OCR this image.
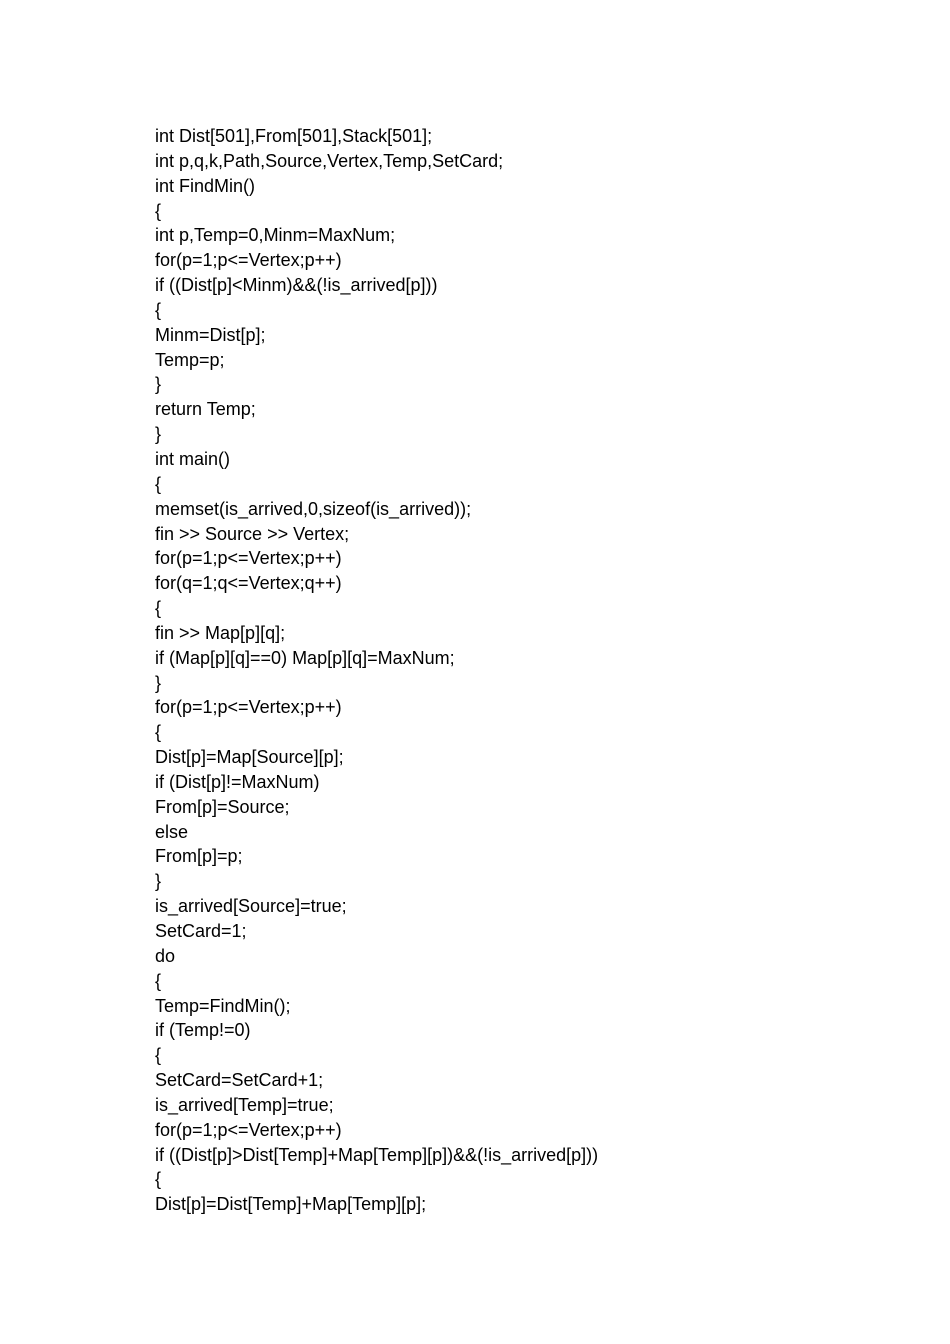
int Dist[501],From[501],Stack[501];
int p,q,k,Path,Source,Vertex,Temp,SetCard;
int FindMin()
{
int p,Temp=0,Minm=MaxNum;
for(p=1;p<=Vertex;p++)
if ((Dist[p]<Minm)&&(!is_arrived[p]))
{
Minm=Dist[p];
Temp=p;
}
return Temp;
}
int main()
{
memset(is_arrived,0,sizeof(is_arrived));
fin >> Source >> Vertex;
for(p=1;p<=Vertex;p++)
for(q=1;q<=Vertex;q++)
{
fin >> Map[p][q];
if (Map[p][q]==0) Map[p][q]=MaxNum;
}
for(p=1;p<=Vertex;p++)
{
Dist[p]=Map[Source][p];
if (Dist[p]!=MaxNum)
From[p]=Source;
else
From[p]=p;
}
is_arrived[Source]=true;
SetCard=1;
do
{
Temp=FindMin();
if (Temp!=0)
{
SetCard=SetCard+1;
is_arrived[Temp]=true;
for(p=1;p<=Vertex;p++)
if ((Dist[p]>Dist[Temp]+Map[Temp][p])&&(!is_arrived[p]))
{
Dist[p]=Dist[Temp]+Map[Temp][p];
